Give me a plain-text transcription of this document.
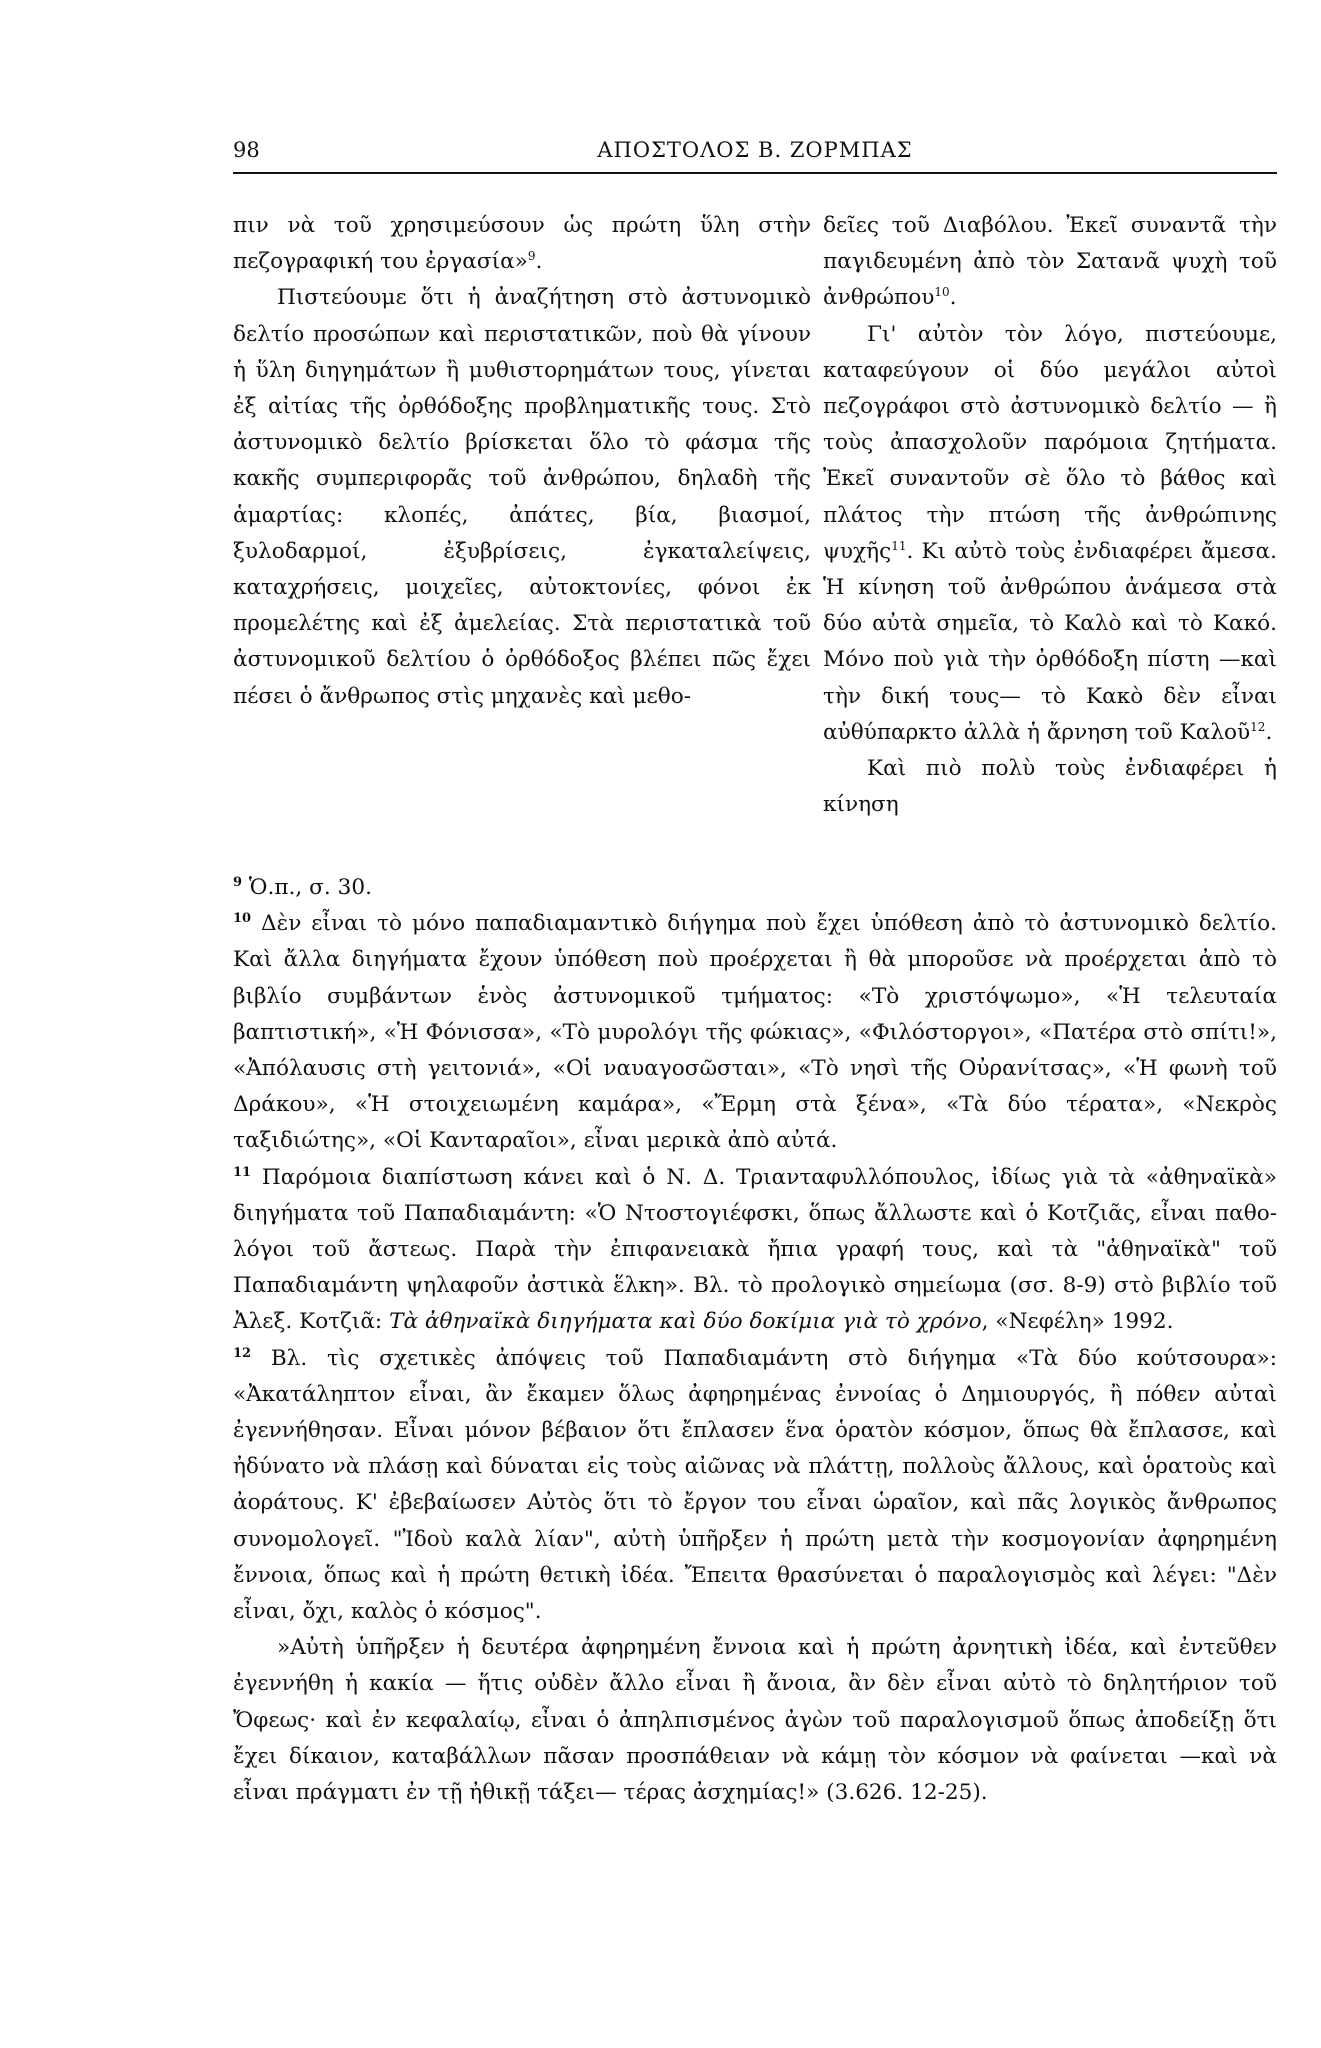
98	ΑΠΟΣΤΟΛΟΣ Β. ΖΟΡΜΠΑΣ

πιν νὰ τοῦ χρησιμεύσουν ὡς πρώτη ὕλη στὴν πεζογραφική του ἐργασία»$^9$.

Πιστεύουμε ὅτι ἡ ἀναζήτηση στὸ ἀστυνομικὸ δελτίο προσώπων καὶ περιστατικῶν, ποὺ θὰ γίνουν ἡ ὕλη διηγημάτων ἢ μυθιστορημάτων τους, γίνεται ἐξ αἰτίας τῆς ὀρθόδοξης προβληματικῆς τους. Στὸ ἀστυνομικὸ δελτίο βρίσκεται ὅλο τὸ φάσμα τῆς κακῆς συμπεριφορᾶς τοῦ ἀνθρώπου, δηλαδὴ τῆς ἁμαρτίας: κλοπές, ἀπάτες, βία, βιασμοί, ξυλοδαρμοί, ἐξυβρίσεις, ἐγκαταλείψεις, καταχρήσεις, μοιχεῖες, αὐτοκτονίες, φόνοι ἐκ προμελέτης καὶ ἐξ ἀμελείας. Στὰ περιστατικὰ τοῦ ἀστυνομικοῦ δελτίου ὁ ὀρθόδοξος βλέπει πῶς ἔχει πέσει ὁ ἄνθρωπος στὶς μηχανὲς καὶ μεθο-

δεῖες τοῦ Διαβόλου. Ἐκεῖ συναντᾶ τὴν παγιδευμένη ἀπὸ τὸν Σατανᾶ ψυχὴ τοῦ ἀνθρώπου$^{10}$.

Γι' αὐτὸν τὸν λόγο, πιστεύουμε, καταφεύγουν οἱ δύο μεγάλοι αὐτοὶ πεζογράφοι στὸ ἀστυνομικὸ δελτίο — ἢ τοὺς ἀπασχολοῦν παρόμοια ζητήματα. Ἐκεῖ συναντοῦν σὲ ὅλο τὸ βάθος καὶ πλάτος τὴν πτώση τῆς ἀνθρώπινης ψυχῆς$^{11}$. Κι αὐτὸ τοὺς ἐνδιαφέρει ἄμεσα. Ἡ κίνηση τοῦ ἀνθρώπου ἀνάμεσα στὰ δύο αὐτὰ σημεῖα, τὸ Καλὸ καὶ τὸ Κακό. Μόνο ποὺ γιὰ τὴν ὀρθόδοξη πίστη —καὶ τὴν δική τους— τὸ Κακὸ δὲν εἶναι αὐθύπαρκτο ἀλλὰ ἡ ἄρνηση τοῦ Καλοῦ$^{12}$.

Καὶ πιὸ πολὺ τοὺς ἐνδιαφέρει ἡ κίνηση

$^9$ Ὁ.π., σ. 30.

$^{10}$ Δὲν εἶναι τὸ μόνο παπαδιαμαντικὸ διήγημα ποὺ ἔχει ὑπόθεση ἀπὸ τὸ ἀστυνομικὸ δελτίο. Καὶ ἄλλα διηγήματα ἔχουν ὑπόθεση ποὺ προέρχεται ἢ θὰ μποροῦσε νὰ προέρχεται ἀπὸ τὸ βιβλίο συμβάντων ἑνὸς ἀστυνομικοῦ τμήματος: «Τὸ χριστόψωμο», «Ἡ τελευταία βαπτιστική», «Ἡ Φόνισσα», «Τὸ μυρολόγι τῆς φώκιας», «Φιλόστοργοι», «Πατέρα στὸ σπίτι!», «Ἀπόλαυσις στὴ γειτονιά», «Οἱ ναυαγοσῶσται», «Τὸ νησὶ τῆς Οὐρανίτσας», «Ἡ φωνὴ τοῦ Δράκου», «Ἡ στοιχειωμένη καμάρα», «Ἔρμη στὰ ξένα», «Τὰ δύο τέρατα», «Νεκρὸς ταξιδιώτης», «Οἱ Κανταραῖοι», εἶναι μερικὰ ἀπὸ αὐτά.

$^{11}$ Παρόμοια διαπίστωση κάνει καὶ ὁ Ν. Δ. Τριανταφυλλόπουλος, ἰδίως γιὰ τὰ «ἀθηναϊκὰ» διηγήματα τοῦ Παπαδιαμάντη: «Ὁ Ντοστογιέφσκι, ὅπως ἄλλωστε καὶ ὁ Κοτζιᾶς, εἶναι παθο-λόγοι τοῦ ἄστεως. Παρὰ τὴν ἐπιφανειακὰ ἤπια γραφή τους, καὶ τὰ "ἀθηναϊκὰ" τοῦ Παπαδιαμάντη ψηλαφοῦν ἀστικὰ ἕλκη». Βλ. τὸ προλογικὸ σημείωμα (σσ. 8-9) στὸ βιβλίο τοῦ Ἀλεξ. Κοτζιᾶ: Τὰ ἀθηναϊκὰ διηγήματα καὶ δύο δοκίμια γιὰ τὸ χρόνο, «Νεφέλη» 1992.

$^{12}$ Βλ. τὶς σχετικὲς ἀπόψεις τοῦ Παπαδιαμάντη στὸ διήγημα «Τὰ δύο κούτσουρα»: «Ἀκατάληπτον εἶναι, ἂν ἔκαμεν ὅλως ἀφηρημένας ἐννοίας ὁ Δημιουργός, ἢ πόθεν αὐταὶ ἐγεννήθησαν. Εἶναι μόνον βέβαιον ὅτι ἔπλασεν ἕνα ὁρατὸν κόσμον, ὅπως θὰ ἔπλασσε, καὶ ἠδύνατο νὰ πλάσῃ καὶ δύναται εἰς τοὺς αἰῶνας νὰ πλάττῃ, πολλοὺς ἄλλους, καὶ ὁρατοὺς καὶ ἀοράτους. Κ' ἐβεβαίωσεν Αὐτὸς ὅτι τὸ ἔργον του εἶναι ὡραῖον, καὶ πᾶς λογικὸς ἄνθρωπος συνομολογεῖ. "Ἰδοὺ καλὰ λίαν", αὐτὴ ὑπῆρξεν ἡ πρώτη μετὰ τὴν κοσμογονίαν ἀφηρημένη ἔννοια, ὅπως καὶ ἡ πρώτη θετικὴ ἰδέα. Ἔπειτα θρασύνεται ὁ παραλογισμὸς καὶ λέγει: "Δὲν εἶναι, ὄχι, καλὸς ὁ κόσμος".

»Αὐτὴ ὑπῆρξεν ἡ δευτέρα ἀφηρημένη ἔννοια καὶ ἡ πρώτη ἀρνητικὴ ἰδέα, καὶ ἐντεῦθεν ἐγεννήθη ἡ κακία — ἥτις οὐδὲν ἄλλο εἶναι ἢ ἄνοια, ἂν δὲν εἶναι αὐτὸ τὸ δηλητήριον τοῦ Ὄφεως· καὶ ἐν κεφαλαίῳ, εἶναι ὁ ἀπηλπισμένος ἀγὼν τοῦ παραλογισμοῦ ὅπως ἀποδείξῃ ὅτι ἔχει δίκαιον, καταβάλλων πᾶσαν προσπάθειαν νὰ κάμῃ τὸν κόσμον νὰ φαίνεται —καὶ νὰ εἶναι πράγματι ἐν τῇ ἠθικῇ τάξει— τέρας ἀσχημίας!» (3.626. 12-25).
